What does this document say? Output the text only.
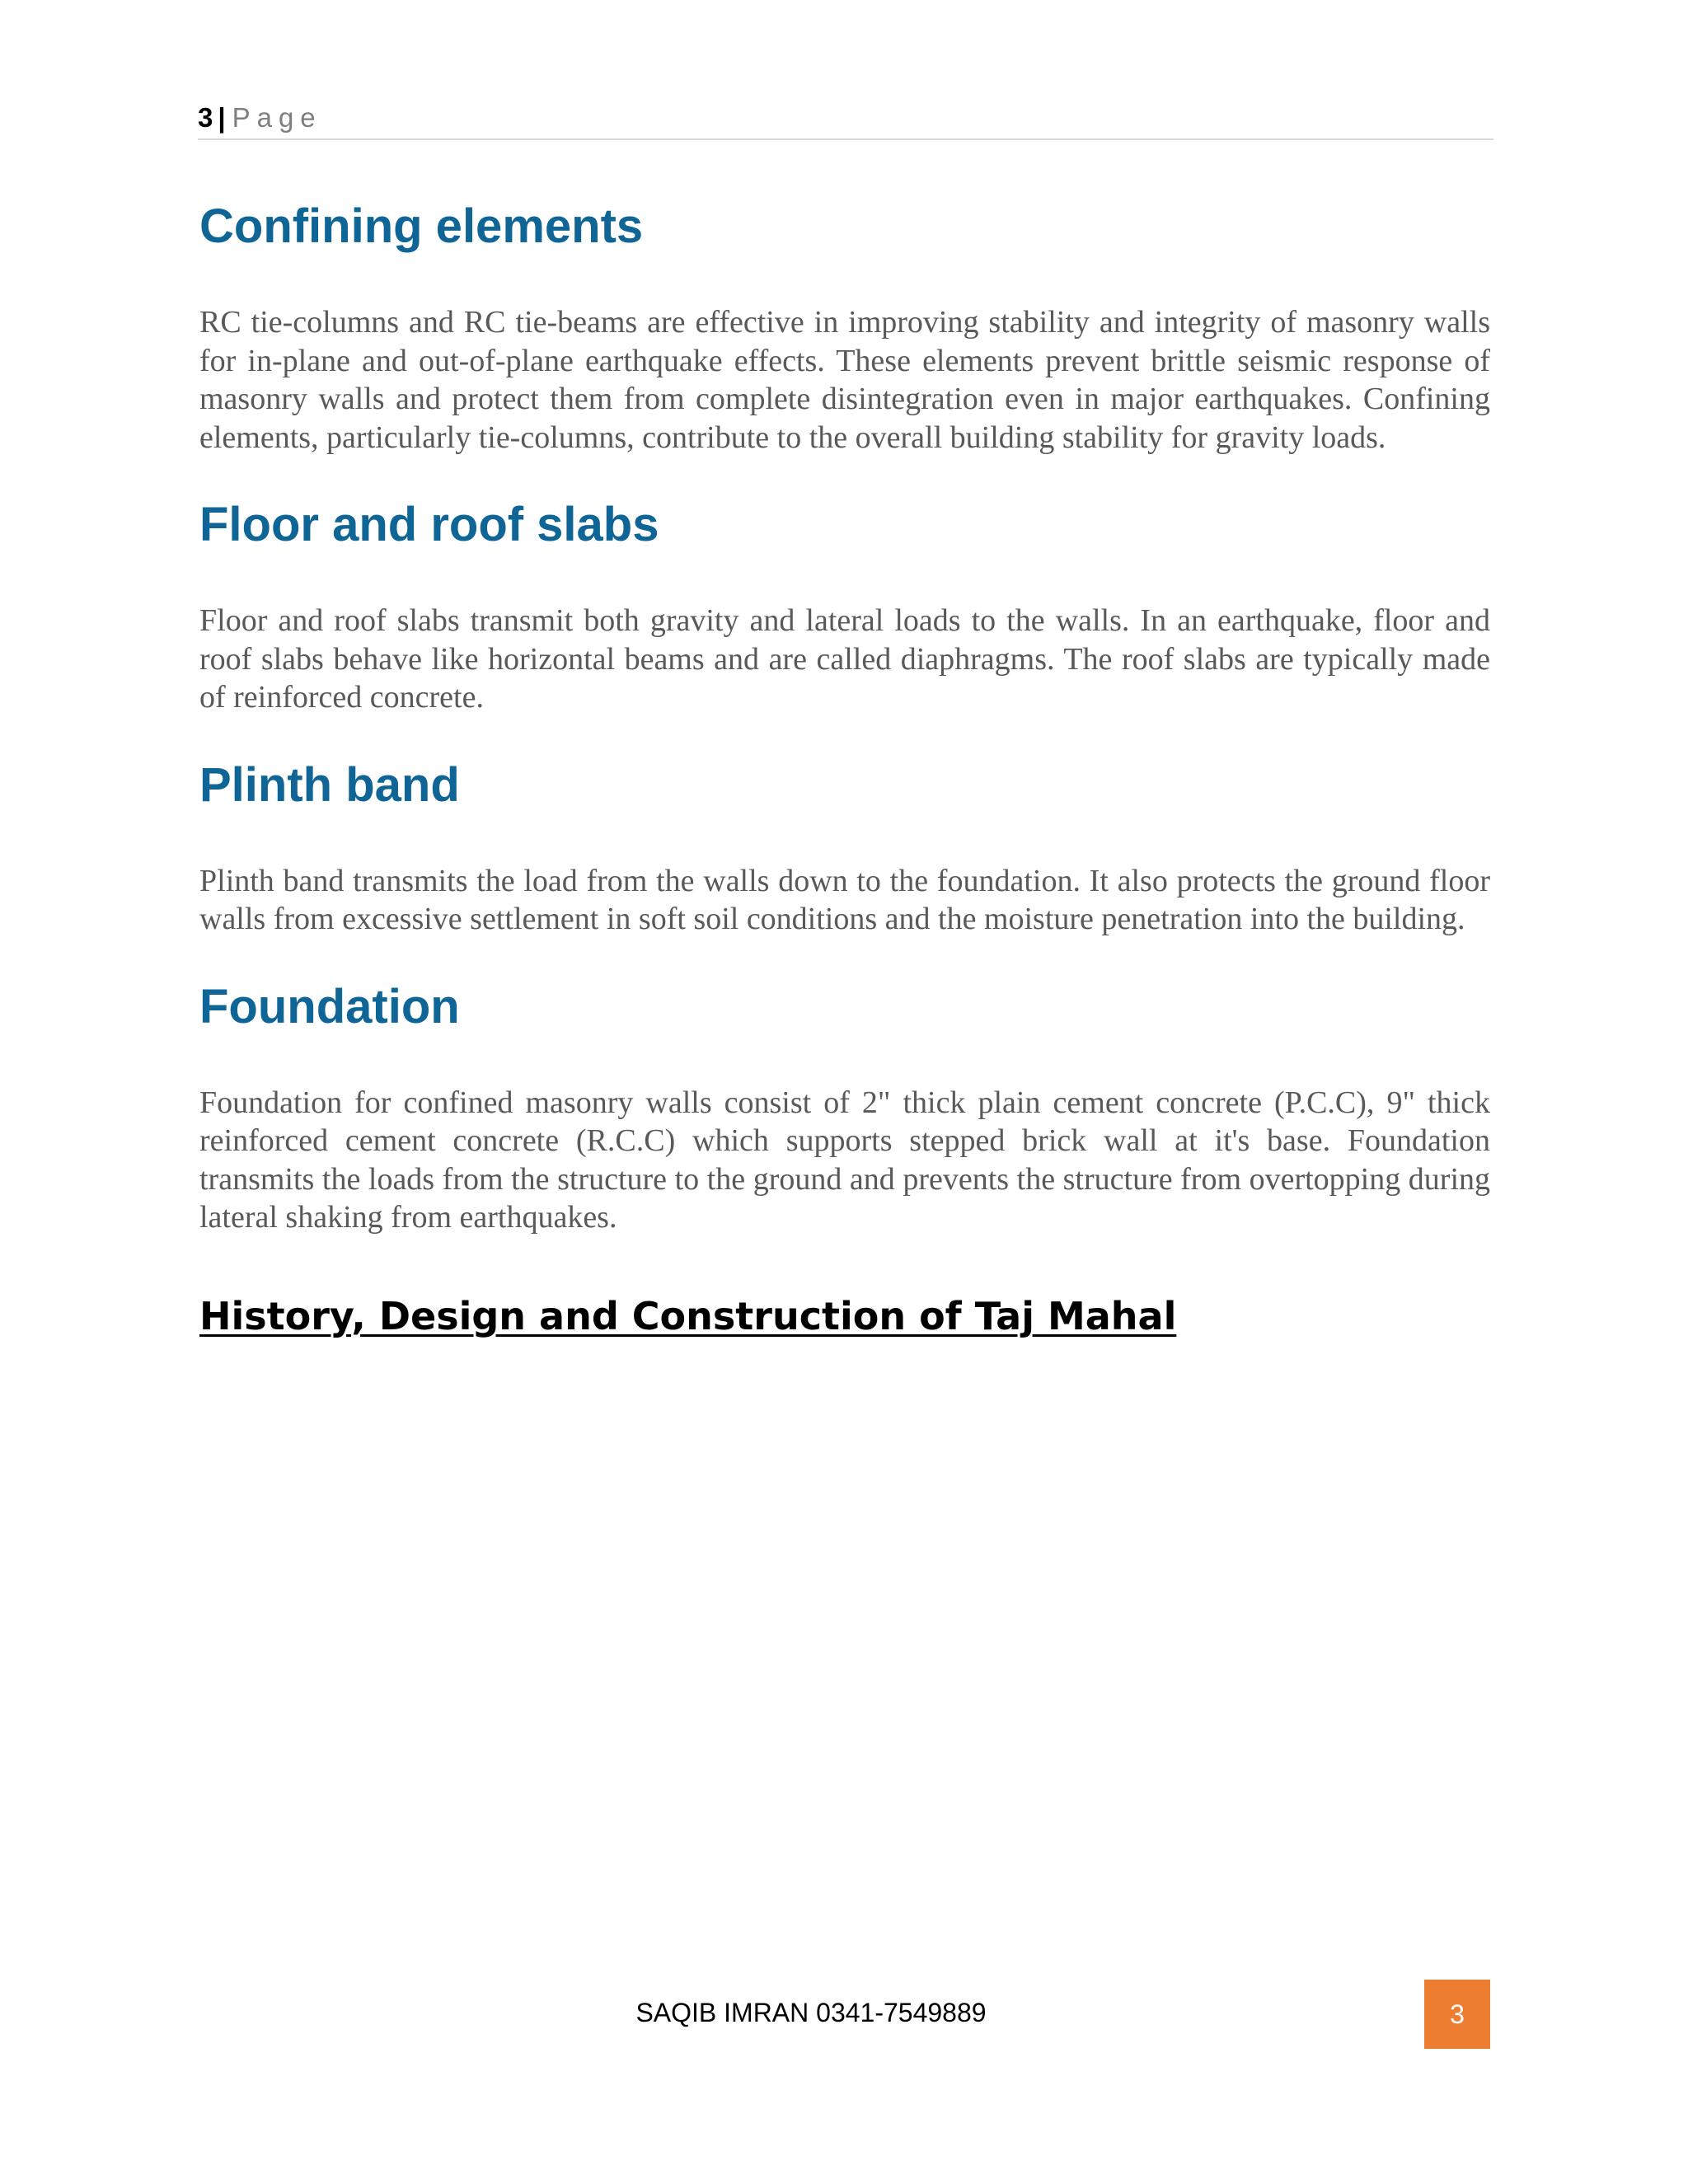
3 | Page
Confining elements

RC tie-columns and RC tie-beams are effective in improving stability and integrity of masonry walls for in-plane and out-of-plane earthquake effects. These elements prevent brittle seismic response of masonry walls and protect them from complete disintegration even in major earthquakes. Confining elements, particularly tie-columns, contribute to the overall building stability for gravity loads.

Floor and roof slabs

Floor and roof slabs transmit both gravity and lateral loads to the walls. In an earthquake, floor and roof slabs behave like horizontal beams and are called diaphragms. The roof slabs are typically made of reinforced concrete.

Plinth band

Plinth band transmits the load from the walls down to the foundation. It also protects the ground floor walls from excessive settlement in soft soil conditions and the moisture penetration into the building.

Foundation

Foundation for confined masonry walls consist of 2" thick plain cement concrete (P.C.C), 9" thick reinforced cement concrete (R.C.C) which supports stepped brick wall at it's base. Foundation transmits the loads from the structure to the ground and prevents the structure from overtopping during lateral shaking from earthquakes.

History, Design and Construction of Taj Mahal
SAQIB IMRAN 0341-7549889	3
